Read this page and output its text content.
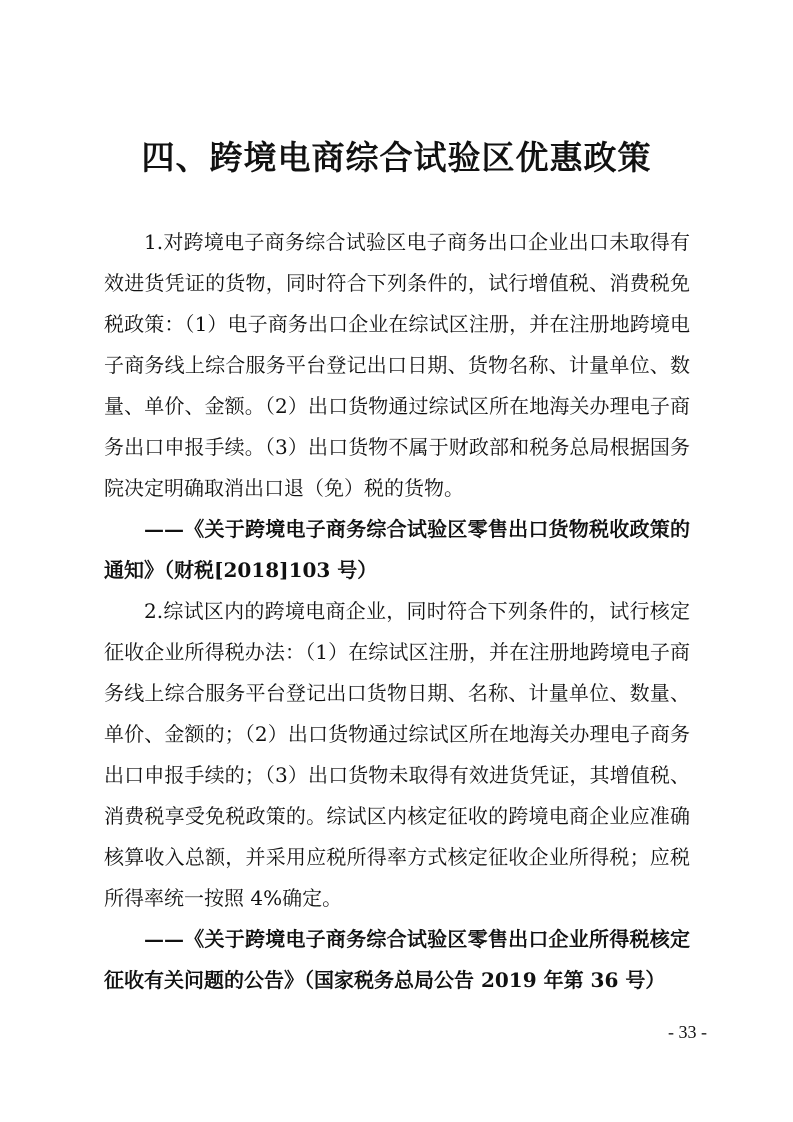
四、跨境电商综合试验区优惠政策

1.对跨境电子商务综合试验区电子商务出口企业出口未取得有效进货凭证的货物，同时符合下列条件的，试行增值税、消费税免税政策：（1）电子商务出口企业在综试区注册，并在注册地跨境电子商务线上综合服务平台登记出口日期、货物名称、计量单位、数量、单价、金额。（2）出口货物通过综试区所在地海关办理电子商务出口申报手续。（3）出口货物不属于财政部和税务总局根据国务院决定明确取消出口退（免）税的货物。

——《关于跨境电子商务综合试验区零售出口货物税收政策的通知》（财税[2018]103 号）

2.综试区内的跨境电商企业，同时符合下列条件的，试行核定征收企业所得税办法：（1）在综试区注册，并在注册地跨境电子商务线上综合服务平台登记出口货物日期、名称、计量单位、数量、单价、金额的；（2）出口货物通过综试区所在地海关办理电子商务出口申报手续的；（3）出口货物未取得有效进货凭证，其增值税、消费税享受免税政策的。综试区内核定征收的跨境电商企业应准确核算收入总额，并采用应税所得率方式核定征收企业所得税；应税所得率统一按照 4%确定。

——《关于跨境电子商务综合试验区零售出口企业所得税核定征收有关问题的公告》（国家税务总局公告 2019 年第 36 号）

- 33 -
